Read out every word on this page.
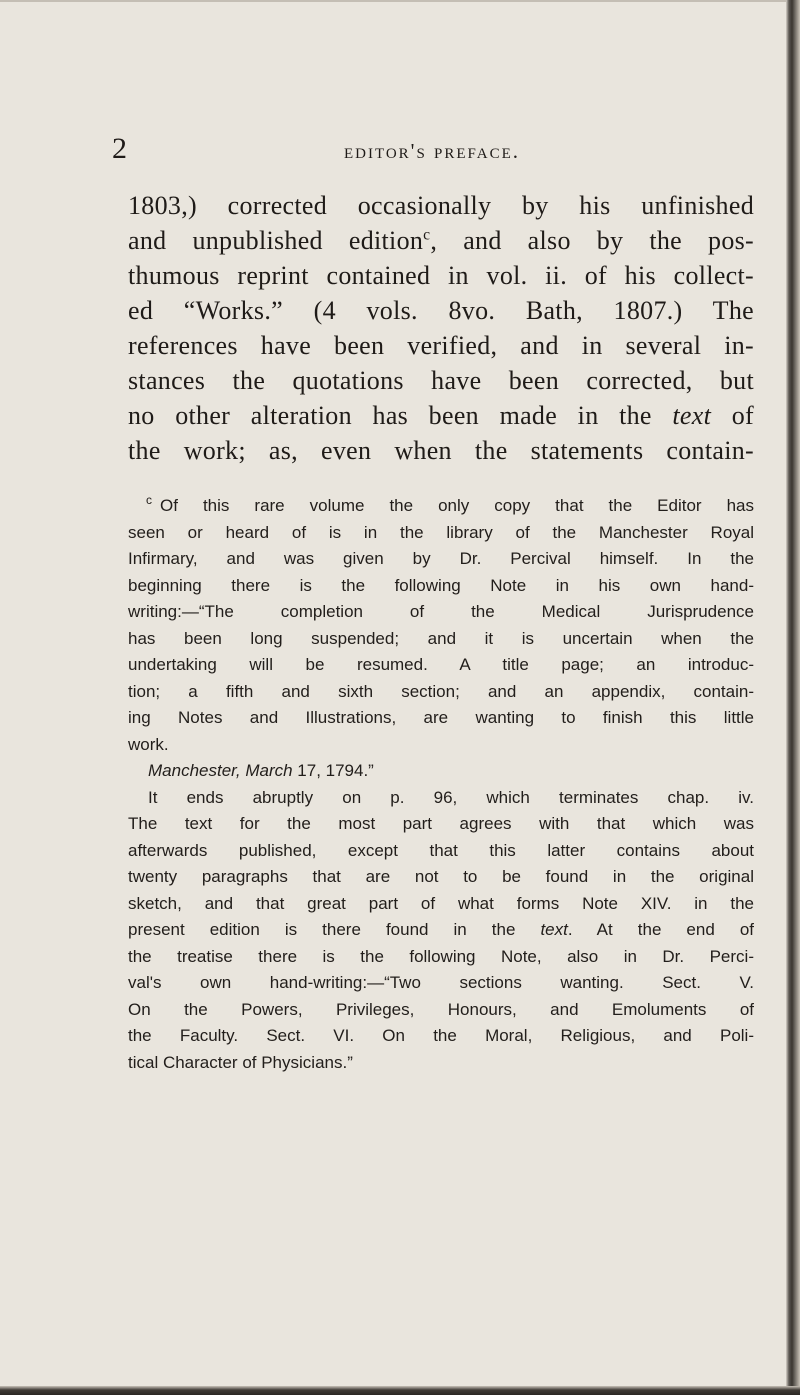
2	editor's preface.
1803,) corrected occasionally by his unfinished
and unpublished edition$^c$, and also by the pos-
thumous reprint contained in vol. ii. of his collect-
ed “Works.” (4 vols. 8vo. Bath, 1807.) The
references have been verified, and in several in-
stances the quotations have been corrected, but
no other alteration has been made in the text of
the work; as, even when the statements contain-
c Of this rare volume the only copy that the Editor has
seen or heard of is in the library of the Manchester Royal
Infirmary, and was given by Dr. Percival himself. In the
beginning there is the following Note in his own hand-
writing:—“The completion of the Medical Jurisprudence
has been long suspended; and it is uncertain when the
undertaking will be resumed. A title page; an introduc-
tion; a fifth and sixth section; and an appendix, contain-
ing Notes and Illustrations, are wanting to finish this little
work.
Manchester, March 17, 1794.”
It ends abruptly on p. 96, which terminates chap. iv.
The text for the most part agrees with that which was
afterwards published, except that this latter contains about
twenty paragraphs that are not to be found in the original
sketch, and that great part of what forms Note XIV. in the
present edition is there found in the text. At the end of
the treatise there is the following Note, also in Dr. Perci-
val's own hand-writing:—“Two sections wanting. Sect. V.
On the Powers, Privileges, Honours, and Emoluments of
the Faculty. Sect. VI. On the Moral, Religious, and Poli-
tical Character of Physicians.”
